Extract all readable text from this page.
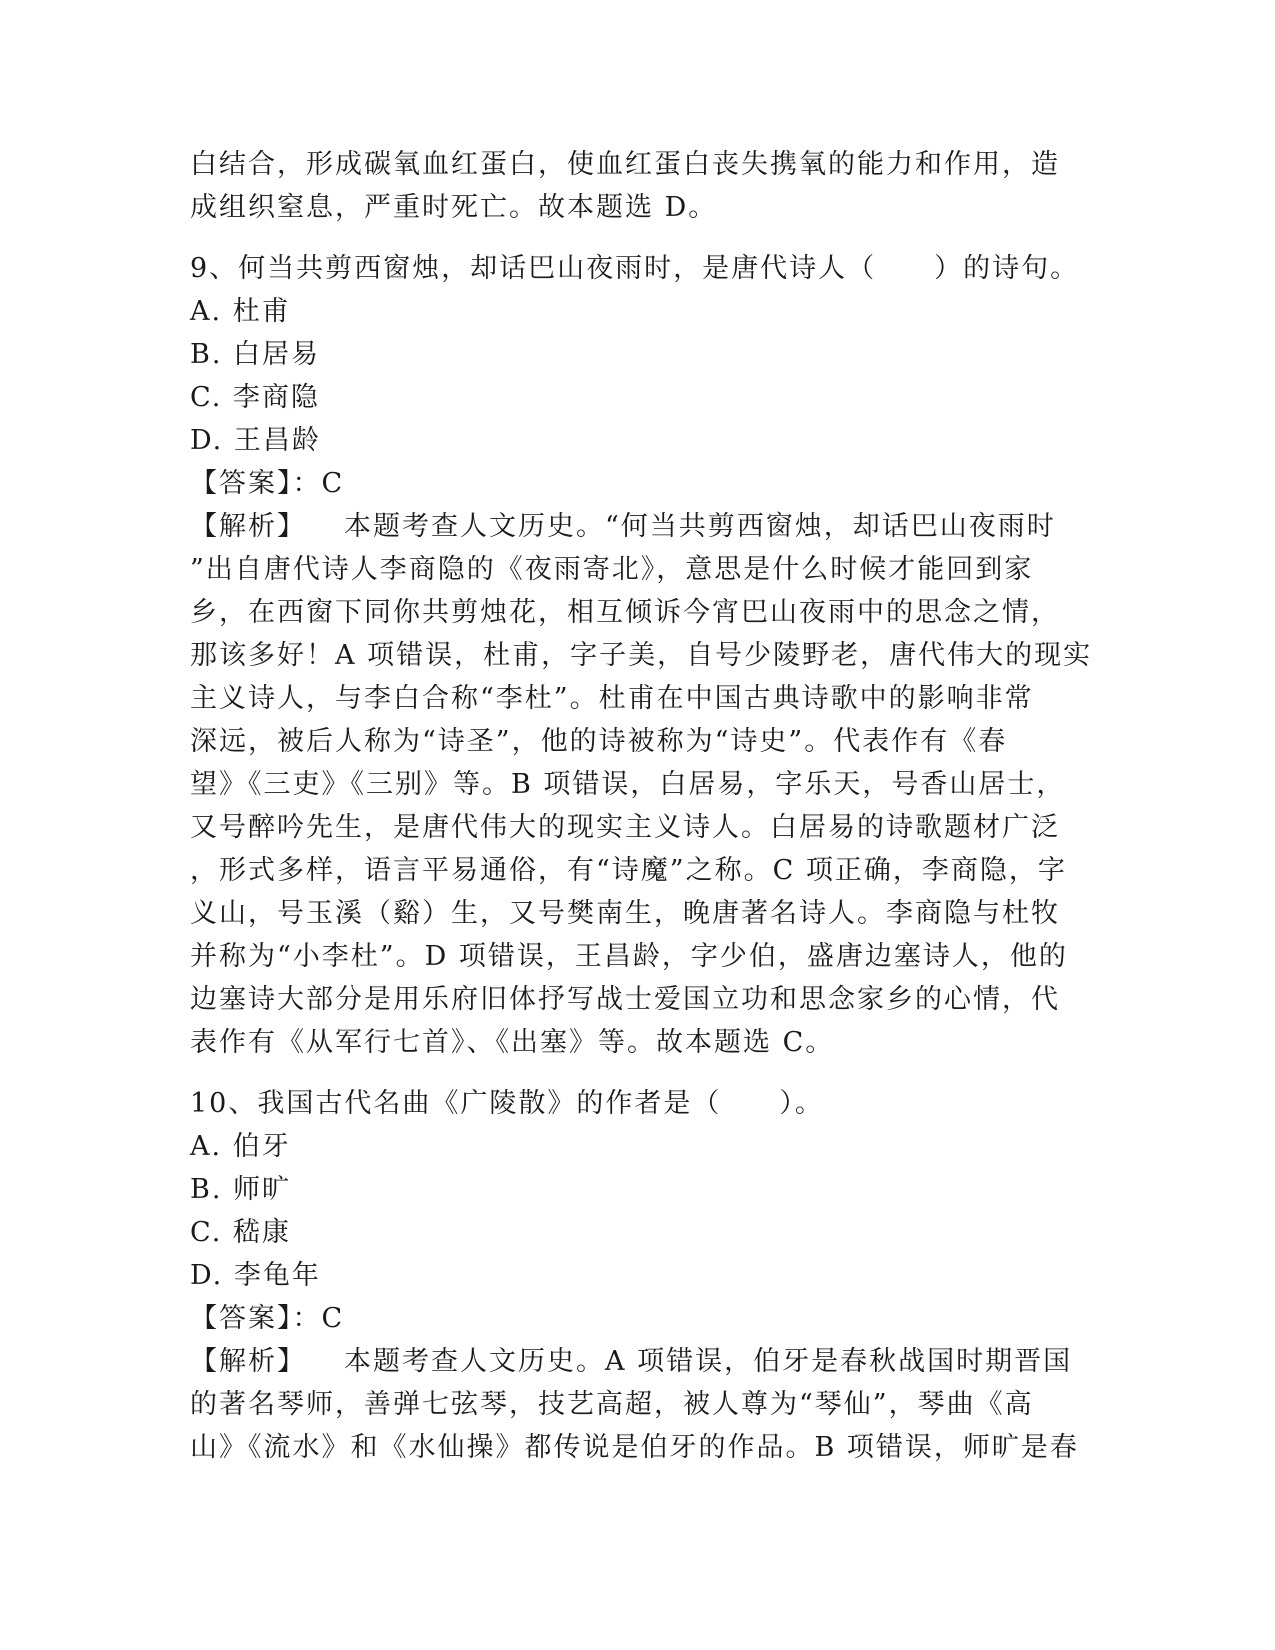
白结合，形成碳氧血红蛋白，使血红蛋白丧失携氧的能力和作用，造
成组织窒息，严重时死亡。故本题选 D。
9、何当共剪西窗烛，却话巴山夜雨时，是唐代诗人（　　）的诗句。
A. 杜甫
B. 白居易
C. 李商隐
D. 王昌龄
【答案】：C
【解析】 本题考查人文历史。“何当共剪西窗烛，却话巴山夜雨时
”出自唐代诗人李商隐的《夜雨寄北》，意思是什么时候才能回到家
乡，在西窗下同你共剪烛花，相互倾诉今宵巴山夜雨中的思念之情，
那该多好！A 项错误，杜甫，字子美，自号少陵野老，唐代伟大的现实
主义诗人，与李白合称“李杜”。杜甫在中国古典诗歌中的影响非常
深远，被后人称为“诗圣”，他的诗被称为“诗史”。代表作有《春
望》《三吏》《三别》等。B 项错误，白居易，字乐天，号香山居士，
又号醉吟先生，是唐代伟大的现实主义诗人。白居易的诗歌题材广泛
，形式多样，语言平易通俗，有“诗魔”之称。C 项正确，李商隐，字
义山，号玉溪（谿）生，又号樊南生，晚唐著名诗人。李商隐与杜牧
并称为“小李杜”。D 项错误，王昌龄，字少伯，盛唐边塞诗人，他的
边塞诗大部分是用乐府旧体抒写战士爱国立功和思念家乡的心情，代
表作有《从军行七首》、《出塞》等。故本题选 C。
10、我国古代名曲《广陵散》的作者是（　　）。
A. 伯牙
B. 师旷
C. 嵇康
D. 李龟年
【答案】：C
【解析】 本题考查人文历史。A 项错误，伯牙是春秋战国时期晋国
的著名琴师，善弹七弦琴，技艺高超，被人尊为“琴仙”，琴曲《高
山》《流水》和《水仙操》都传说是伯牙的作品。B 项错误，师旷是春
